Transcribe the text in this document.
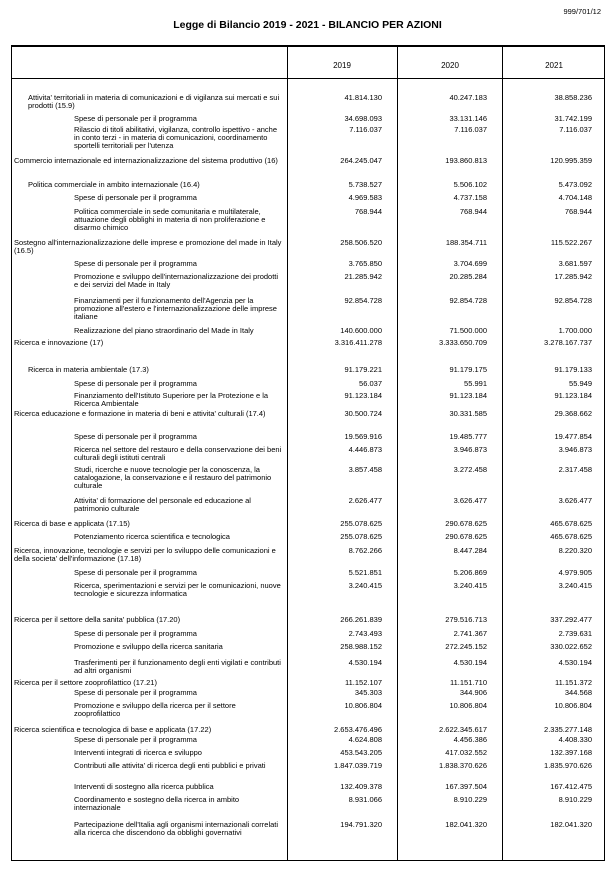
999/701/12
Legge di Bilancio 2019 - 2021 - BILANCIO PER AZIONI
2019	2020	2021
Attivita' territoriali in materia di comunicazioni e di vigilanza sui mercati e sui prodotti (15.9)
41.814.130	40.247.183	38.858.236
Spese di personale per il programma	34.698.093	33.131.146	31.742.199
Rilascio di titoli abilitativi, vigilanza, controllo ispettivo - anche in conto terzi - in materia di comunicazioni, coordinamento sportelli territoriali per l'utenza
7.116.037	7.116.037	7.116.037
Commercio internazionale ed internazionalizzazione del sistema produttivo (16)	264.245.047	193.860.813	120.995.359
Politica commerciale in ambito internazionale (16.4)	5.738.527	5.506.102	5.473.092
Spese di personale per il programma	4.969.583	4.737.158	4.704.148
Politica commerciale in sede comunitaria e multilaterale, attuazione degli obblighi in materia di non proliferazione e disarmo chimico
768.944	768.944	768.944
Sostegno all'internazionalizzazione delle imprese e promozione del made in Italy (16.5)
258.506.520	188.354.711	115.522.267
Spese di personale per il programma	3.765.850	3.704.699	3.681.597
Promozione e sviluppo dell'internazionalizzazione dei prodotti e dei servizi del Made in Italy
21.285.942	20.285.284	17.285.942
Finanziamenti per il funzionamento dell'Agenzia per la promozione all'estero e l'internazionalizzazione delle imprese italiane
92.854.728	92.854.728	92.854.728
Realizzazione del piano straordinario del Made in Italy	140.600.000	71.500.000	1.700.000
Ricerca e innovazione (17)	3.316.411.278	3.333.650.709	3.278.167.737
Ricerca in materia ambientale (17.3)	91.179.221	91.179.175	91.179.133
Spese di personale per il programma	56.037	55.991	55.949
Finanziamento dell'Istituto Superiore per la Protezione e la Ricerca Ambientale
91.123.184	91.123.184	91.123.184
Ricerca educazione e formazione in materia di beni e attivita' culturali (17.4)	30.500.724	30.331.585	29.368.662
Spese di personale per il programma	19.569.916	19.485.777	19.477.854
Ricerca nel settore del restauro e della conservazione dei beni culturali degli istituti centrali
4.446.873	3.946.873	3.946.873
Studi, ricerche e nuove tecnologie per la conoscenza, la catalogazione, la conservazione e il restauro del patrimonio culturale
3.857.458	3.272.458	2.317.458
Attivita' di formazione del personale ed educazione al patrimonio culturale
2.626.477	3.626.477	3.626.477
Ricerca di base e applicata (17.15)	255.078.625	290.678.625	465.678.625
Potenziamento ricerca scientifica e tecnologica	255.078.625	290.678.625	465.678.625
Ricerca, innovazione, tecnologie e servizi per lo sviluppo delle comunicazioni e della societa' dell'informazione (17.18)
8.762.266	8.447.284	8.220.320
Spese di personale per il programma	5.521.851	5.206.869	4.979.905
Ricerca, sperimentazioni e servizi per le comunicazioni, nuove tecnologie e sicurezza informatica
3.240.415	3.240.415	3.240.415
Ricerca per il settore della sanita' pubblica (17.20)	266.261.839	279.516.713	337.292.477
Spese di personale per il programma	2.743.493	2.741.367	2.739.631
Promozione e sviluppo della ricerca sanitaria	258.988.152	272.245.152	330.022.652
Trasferimenti per il funzionamento degli enti vigilati e contributi ad altri organismi
4.530.194	4.530.194	4.530.194
Ricerca per il settore zooprofilattico (17.21)	11.152.107	11.151.710	11.151.372
Spese di personale per il programma	345.303	344.906	344.568
Promozione e sviluppo della ricerca per il settore zooprofilattico
10.806.804	10.806.804	10.806.804
Ricerca scientifica e tecnologica di base e applicata (17.22)	2.653.476.496	2.622.345.617	2.335.277.148
Spese di personale per il programma	4.624.808	4.456.386	4.408.330
Interventi integrati di ricerca e sviluppo	453.543.205	417.032.552	132.397.168
Contributi alle attivita' di ricerca degli enti pubblici e privati	1.847.039.719	1.838.370.626	1.835.970.626
Interventi di sostegno alla ricerca pubblica	132.409.378	167.397.504	167.412.475
Coordinamento e sostegno della ricerca in ambito internazionale
8.931.066	8.910.229	8.910.229
Partecipazione dell'Italia agli organismi internazionali correlati alla ricerca che discendono da obblighi governativi
194.791.320	182.041.320	182.041.320
